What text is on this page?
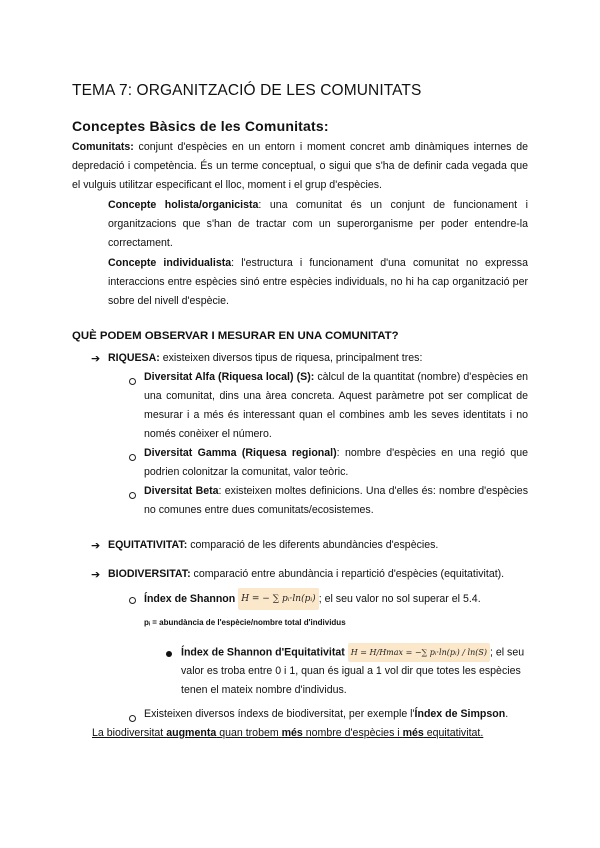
TEMA 7: ORGANITZACIÓ DE LES COMUNITATS
Conceptes Bàsics de les Comunitats:
Comunitats: conjunt d'espècies en un entorn i moment concret amb dinàmiques internes de depredació i competència. És un terme conceptual, o sigui que s'ha de definir cada vegada que el vulguis utilitzar especificant el lloc, moment i el grup d'espècies.
Concepte holista/organicista: una comunitat és un conjunt de funcionament i organitzacions que s'han de tractar com un superorganisme per poder entendre-la correctament.
Concepte individualista: l'estructura i funcionament d'una comunitat no expressa interaccions entre espècies sinó entre espècies individuals, no hi ha cap organització per sobre del nivell d'espècie.
QUÈ PODEM OBSERVAR I MESURAR EN UNA COMUNITAT?
➔ RIQUESA: existeixen diversos tipus de riquesa, principalment tres:
Diversitat Alfa (Riquesa local) (S): càlcul de la quantitat (nombre) d'espècies en una comunitat, dins una àrea concreta. Aquest paràmetre pot ser complicat de mesurar i a més és interessant quan el combines amb les seves identitats i no només conèixer el número.
Diversitat Gamma (Riquesa regional): nombre d'espècies en una regió que podrien colonitzar la comunitat, valor teòric.
Diversitat Beta: existeixen moltes definicions. Una d'elles és: nombre d'espècies no comunes entre dues comunitats/ecosistemes.
➔ EQUITATIVITAT: comparació de les diferents abundàncies d'espècies.
➔ BIODIVERSITAT: comparació entre abundància i repartició d'espècies (equitativitat).
Índex de Shannon H = − ∑ pᵢ·ln(pᵢ) ; el seu valor no sol superar el 5.4.
pᵢ = abundància de l'espècie/nombre total d'individus
Índex de Shannon d'Equitativitat H = H/Hmax = −∑ pᵢ·ln(pᵢ) / ln(S) ; el seu valor es troba entre 0 i 1, quan és igual a 1 vol dir que totes les espècies tenen el mateix nombre d'individus.
Existeixen diversos índexs de biodiversitat, per exemple l'Índex de Simpson.
La biodiversitat augmenta quan trobem més nombre d'espècies i més equitativitat.
